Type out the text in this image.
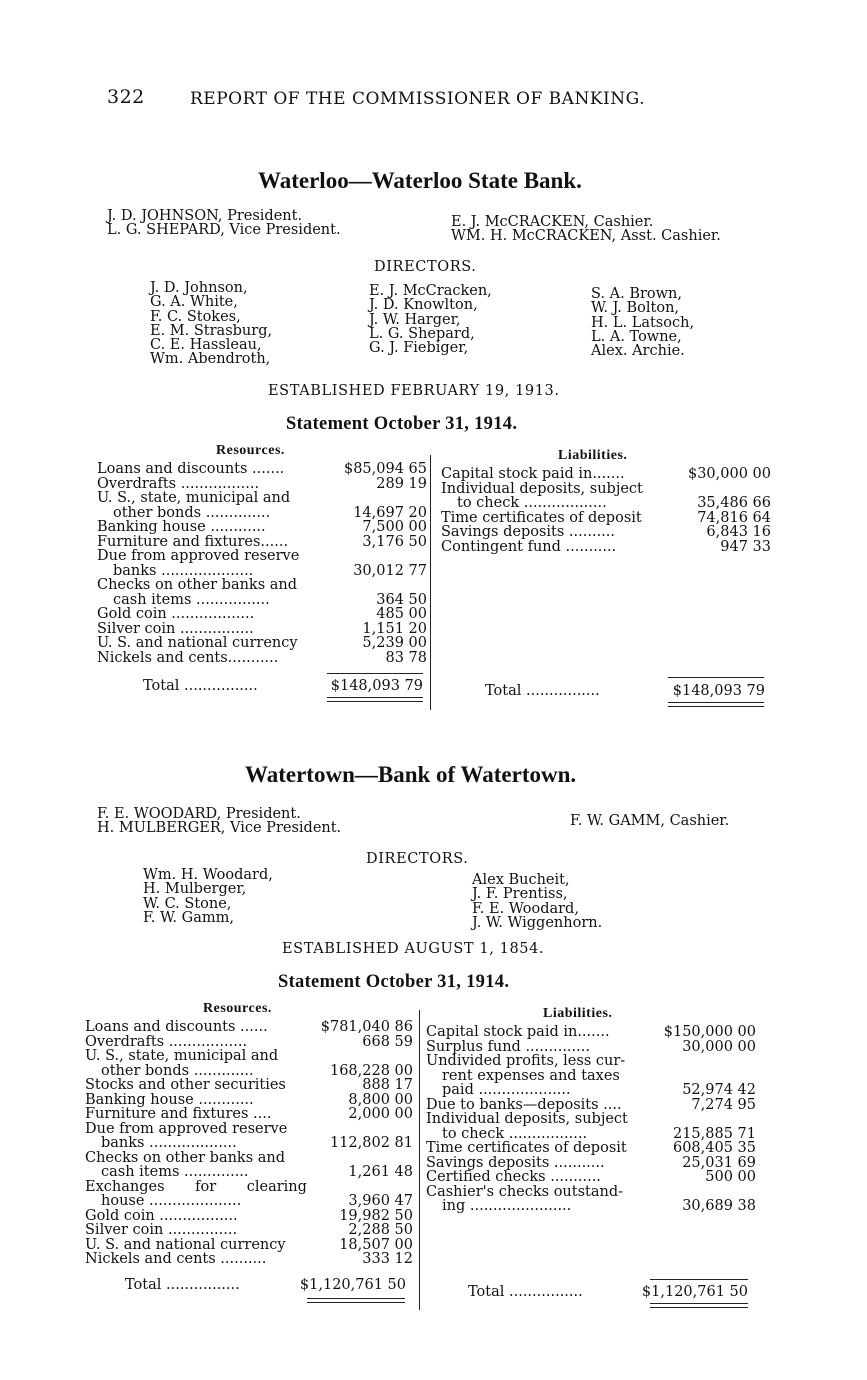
322	REPORT OF THE COMMISSIONER OF BANKING.
Waterloo—Waterloo State Bank.
J. D. JOHNSON, President.
L. G. SHEPARD, Vice President.	E. J. McCRACKEN, Cashier.
WM. H. McCRACKEN, Asst. Cashier.
DIRECTORS.
J. D. Johnson,
G. A. White,
F. C. Stokes,
E. M. Strasburg,
C. E. Hassleau,
Wm. Abendroth,
E. J. McCracken,
J. D. Knowlton,
J. W. Harger,
L. G. Shepard,
G. J. Fiebiger,
S. A. Brown,
W. J. Bolton,
H. L. Latsoch,
L. A. Towne,
Alex. Archie.
ESTABLISHED FEBRUARY 19, 1913.
Statement October 31, 1914.
Resources.	Liabilities.
Loans and discounts .......	$85,094 65
Overdrafts .................	289 19
U. S., state, municipal and
other bonds ..............	14,697 20
Banking house ............	7,500 00
Furniture and fixtures......	3,176 50
Due from approved reserve
banks ....................	30,012 77
Checks on other banks and
cash items ................	364 50
Gold coin ..................	485 00
Silver coin ................	1,151 20
U. S. and national currency	5,239 00
Nickels and cents...........	83 78
Capital stock paid in.......	$30,000 00
Individual deposits, subject
to check ..................	35,486 66
Time certificates of deposit	74,816 64
Savings deposits ..........	6,843 16
Contingent fund ...........	947 33
Total ................	$148,093 79	Total ................	$148,093 79
Watertown—Bank of Watertown.
F. E. WOODARD, President.
H. MULBERGER, Vice President.	F. W. GAMM, Cashier.
DIRECTORS.
Wm. H. Woodard,
H. Mulberger,
W. C. Stone,
F. W. Gamm,
Alex Bucheit,
J. F. Prentiss,
F. E. Woodard,
J. W. Wiggenhorn.
ESTABLISHED AUGUST 1, 1854.
Statement October 31, 1914.
Resources.	Liabilities.
Loans and discounts ......	$781,040 86
Overdrafts .................	668 59
U. S., state, municipal and
other bonds .............	168,228 00
Stocks and other securities	888 17
Banking house ............	8,800 00
Furniture and fixtures ....	2,000 00
Due from approved reserve
banks ...................	112,802 81
Checks on other banks and
cash items ..............	1,261 48
Exchanges for clearing
house ....................	3,960 47
Gold coin .................	19,982 50
Silver coin ...............	2,288 50
U. S. and national currency	18,507 00
Nickels and cents ..........	333 12
Capital stock paid in.......	$150,000 00
Surplus fund ..............	30,000 00
Undivided profits, less cur-
rent expenses and taxes
paid ....................	52,974 42
Due to banks—deposits ....	7,274 95
Individual deposits, subject
to check .................	215,885 71
Time certificates of deposit	608,405 35
Savings deposits ...........	25,031 69
Certified checks ...........	500 00
Cashier's checks outstand-
ing ......................	30,689 38
Total ................	$1,120,761 50	Total ................	$1,120,761 50
